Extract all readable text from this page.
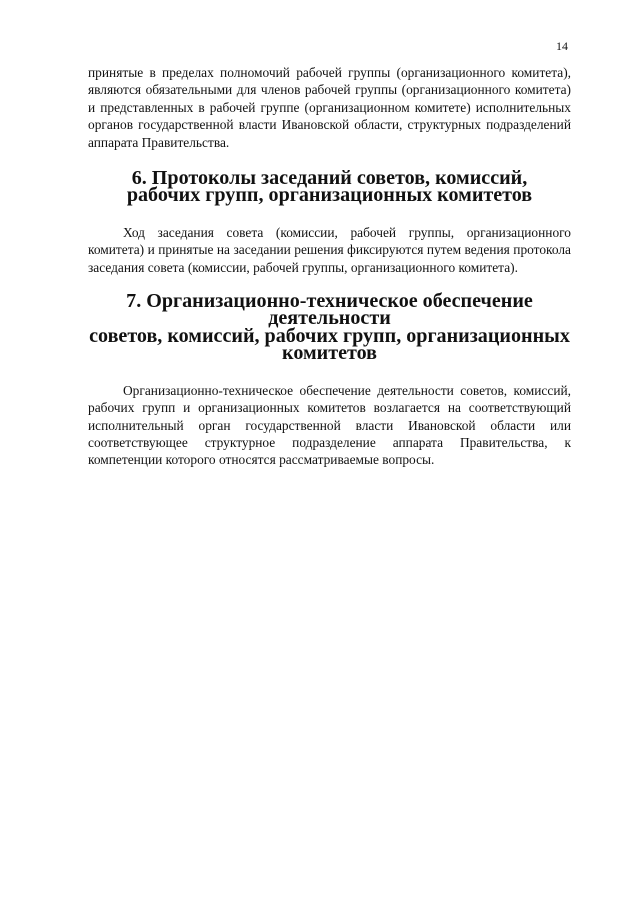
14

принятые в пределах полномочий рабочей группы (организационного комитета), являются обязательными для членов рабочей группы (организационного комитета) и представленных в рабочей группе (организационном комитете) исполнительных органов государственной власти Ивановской области, структурных подразделений аппарата Правительства.

6. Протоколы заседаний советов, комиссий,
рабочих групп, организационных комитетов

Ход заседания совета (комиссии, рабочей группы, организационного комитета) и принятые на заседании решения фиксируются путем ведения протокола заседания совета (комиссии, рабочей группы, организационного комитета).

7. Организационно-техническое обеспечение деятельности
советов, комиссий, рабочих групп, организационных комитетов

Организационно-техническое обеспечение деятельности советов, комиссий, рабочих групп и организационных комитетов возлагается на соответствующий исполнительный орган государственной власти Ивановской области или соответствующее структурное подразделение аппарата Правительства, к компетенции которого относятся рассматриваемые вопросы.
